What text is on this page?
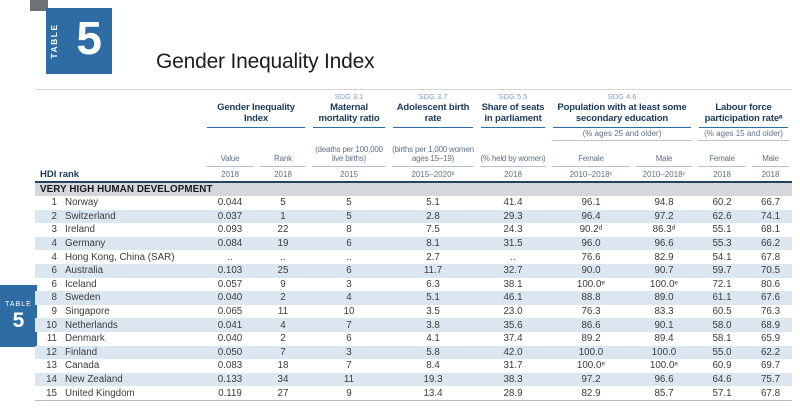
TABLE 5	Gender Inequality Index
TABLE
5

Gender Inequality Index

SDG 3.1
Maternal mortality ratio

SDG 3.7
Adolescent birth rate

SDG 5.5
Share of seats in parliament

SDG 4.6
Population with at least some secondary education

Labour force participation rateᵃ

						(% ages 25 and older)		(% ages 15 and older)	

	Value	Rank	(deaths per 100,000 live births)	(births per 1,000 women ages 15–19)	(% held by women)	Female	Male	Female	Male

HDI rank	2018	2018	2015	2015–2020ᵇ	2018	2010–2018ᶜ	2010–2018ᶜ	2018	2018
VERY HIGH HUMAN DEVELOPMENT									
1 Norway	0.044	5	5	5.1	41.4	96.1	94.8	60.2	66.7
2 Switzerland	0.037	1	5	2.8	29.3	96.4	97.2	62.6	74.1
3 Ireland	0.093	22	8	7.5	24.3	90.2ᵈ	86.3ᵈ	55.1	68.1
4 Germany	0.084	19	6	8.1	31.5	96.0	96.6	55.3	66.2
4 Hong Kong, China (SAR)	..	..	..	2.7	..	76.6	82.9	54.1	67.8
6 Australia	0.103	25	6	11.7	32.7	90.0	90.7	59.7	70.5
6 Iceland	0.057	9	3	6.3	38.1	100.0ᵉ	100.0ᵉ	72.1	80.6
8 Sweden	0.040	2	4	5.1	46.1	88.8	89.0	61.1	67.6
9 Singapore	0.065	11	10	3.5	23.0	76.3	83.3	60.5	76.3
10 Netherlands	0.041	4	7	3.8	35.6	86.6	90.1	58.0	68.9
11 Denmark	0.040	2	6	4.1	37.4	89.2	89.4	58.1	65.9
12 Finland	0.050	7	3	5.8	42.0	100.0	100.0	55.0	62.2
13 Canada	0.083	18	7	8.4	31.7	100.0ᵉ	100.0ᵉ	60.9	69.7
14 New Zealand	0.133	34	11	19.3	38.3	97.2	96.6	64.6	75.7
15 United Kingdom	0.119	27	9	13.4	28.9	82.9	85.7	57.1	67.8
